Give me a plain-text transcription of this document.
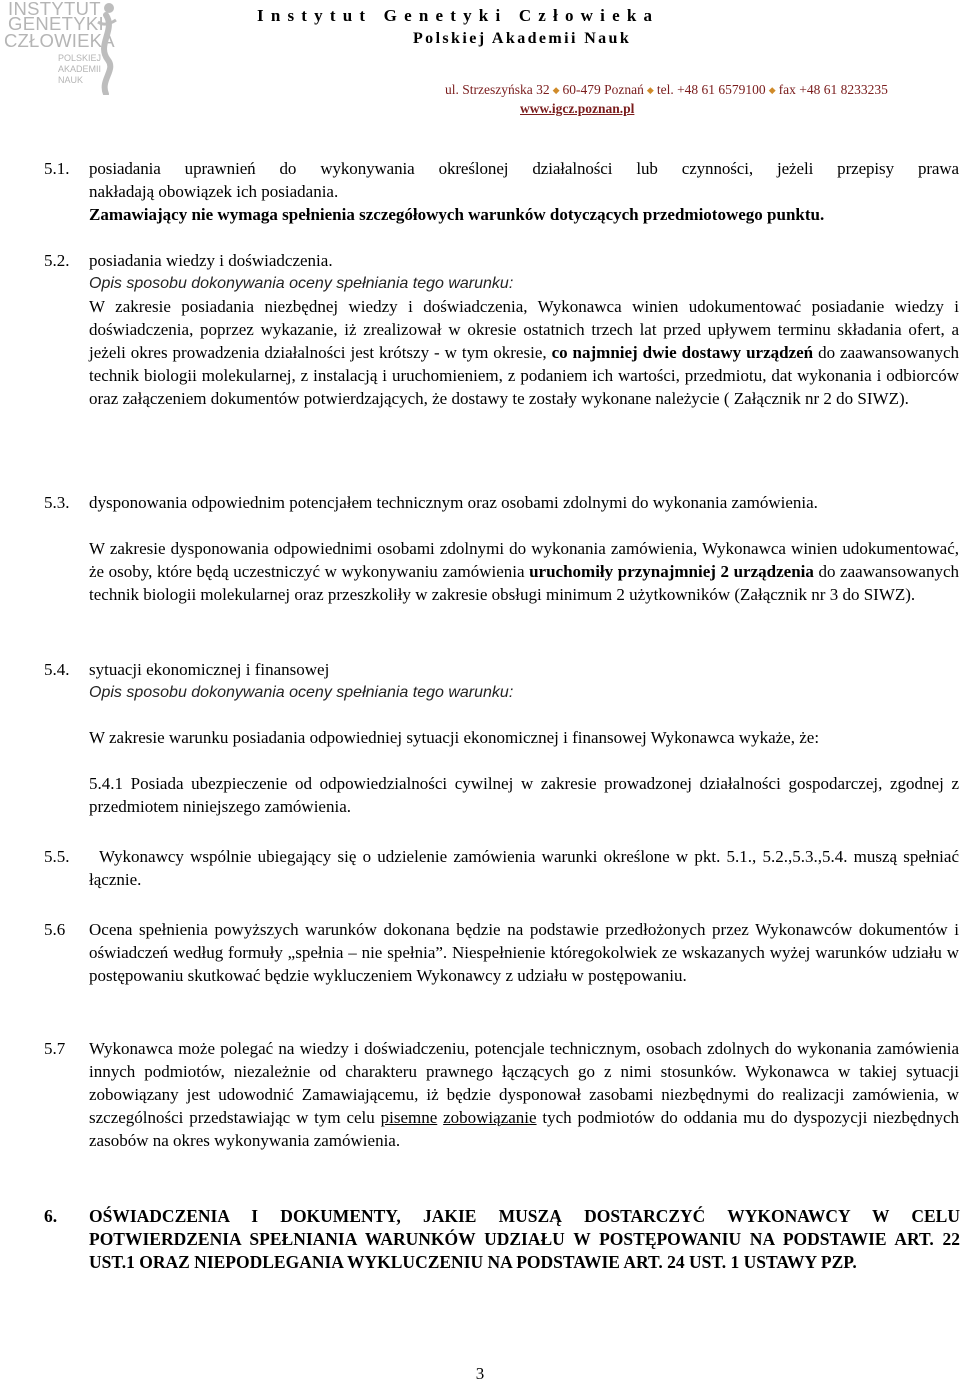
INSTYTUT
GENETYKI
CZŁOWIEKA
POLSKIEJ
AKADEMII
NAUK
Instytut Genetyki Człowieka
Polskiej Akademii Nauk
ul. Strzeszyńska 32 ◆ 60-479 Poznań ◆ tel. +48 61 6579100 ◆ fax +48 61 8233235
www.igcz.poznan.pl
5.1. posiadania uprawnień do wykonywania określonej działalności lub czynności, jeżeli przepisy prawa

nakładają obowiązek ich posiadania.

Zamawiający nie wymaga spełnienia szczegółowych warunków dotyczących przedmiotowego punktu.

5.2. posiadania wiedzy i doświadczenia.

Opis sposobu dokonywania oceny spełniania tego warunku:

W zakresie posiadania niezbędnej wiedzy i doświadczenia, Wykonawca winien udokumentować posiadanie wiedzy i doświadczenia, poprzez wykazanie, iż zrealizował w okresie ostatnich trzech lat przed upływem terminu składania ofert, a jeżeli okres prowadzenia działalności jest krótszy - w tym okresie, co najmniej dwie dostawy urządzeń do zaawansowanych technik biologii molekularnej, z instalacją i uruchomieniem, z podaniem ich wartości, przedmiotu, dat wykonania i odbiorców oraz załączeniem dokumentów potwierdzających, że dostawy te zostały wykonane należycie ( Załącznik nr 2 do SIWZ).

5.3. dysponowania odpowiednim potencjałem technicznym oraz osobami zdolnymi do wykonania zamówienia.

W zakresie dysponowania odpowiednimi osobami zdolnymi do wykonania zamówienia, Wykonawca winien udokumentować, że osoby, które będą uczestniczyć w wykonywaniu zamówienia uruchomiły przynajmniej 2 urządzenia do zaawansowanych technik biologii molekularnej oraz przeszkoliły w zakresie obsługi minimum 2 użytkowników (Załącznik nr 3 do SIWZ).

5.4. sytuacji ekonomicznej i finansowej

Opis sposobu dokonywania oceny spełniania tego warunku:

W zakresie warunku posiadania odpowiedniej sytuacji ekonomicznej i finansowej Wykonawca wykaże, że:

5.4.1 Posiada ubezpieczenie od odpowiedzialności cywilnej w zakresie prowadzonej działalności gospodarczej, zgodnej z przedmiotem niniejszego zamówienia.

5.5.	Wykonawcy wspólnie ubiegający się o udzielenie zamówienia warunki określone w pkt. 5.1., 5.2.,5.3.,5.4. muszą spełniać łącznie.

5.6 Ocena spełnienia powyższych warunków dokonana będzie na podstawie przedłożonych przez Wykonawców dokumentów i oświadczeń według formuły „spełnia – nie spełnia”. Niespełnienie któregokolwiek ze wskazanych wyżej warunków udziału w postępowaniu skutkować będzie wykluczeniem Wykonawcy z udziału w postępowaniu.

5.7 Wykonawca może polegać na wiedzy i doświadczeniu, potencjale technicznym, osobach zdolnych do wykonania zamówienia innych podmiotów, niezależnie od charakteru prawnego łączących go z nimi stosunków. Wykonawca w takiej sytuacji zobowiązany jest udowodnić Zamawiającemu, iż będzie dysponował zasobami niezbędnymi do realizacji zamówienia, w szczególności przedstawiając w tym celu pisemne zobowiązanie tych podmiotów do oddania mu do dyspozycji niezbędnych zasobów na okres wykonywania zamówienia.

6. OŚWIADCZENIA I DOKUMENTY, JAKIE MUSZĄ DOSTARCZYĆ WYKONAWCY W CELU POTWIERDZENIA SPEŁNIANIA WARUNKÓW UDZIAŁU W POSTĘPOWANIU NA PODSTAWIE ART. 22 UST.1 ORAZ NIEPODLEGANIA WYKLUCZENIU NA PODSTAWIE ART. 24 UST. 1 USTAWY PZP.
3
